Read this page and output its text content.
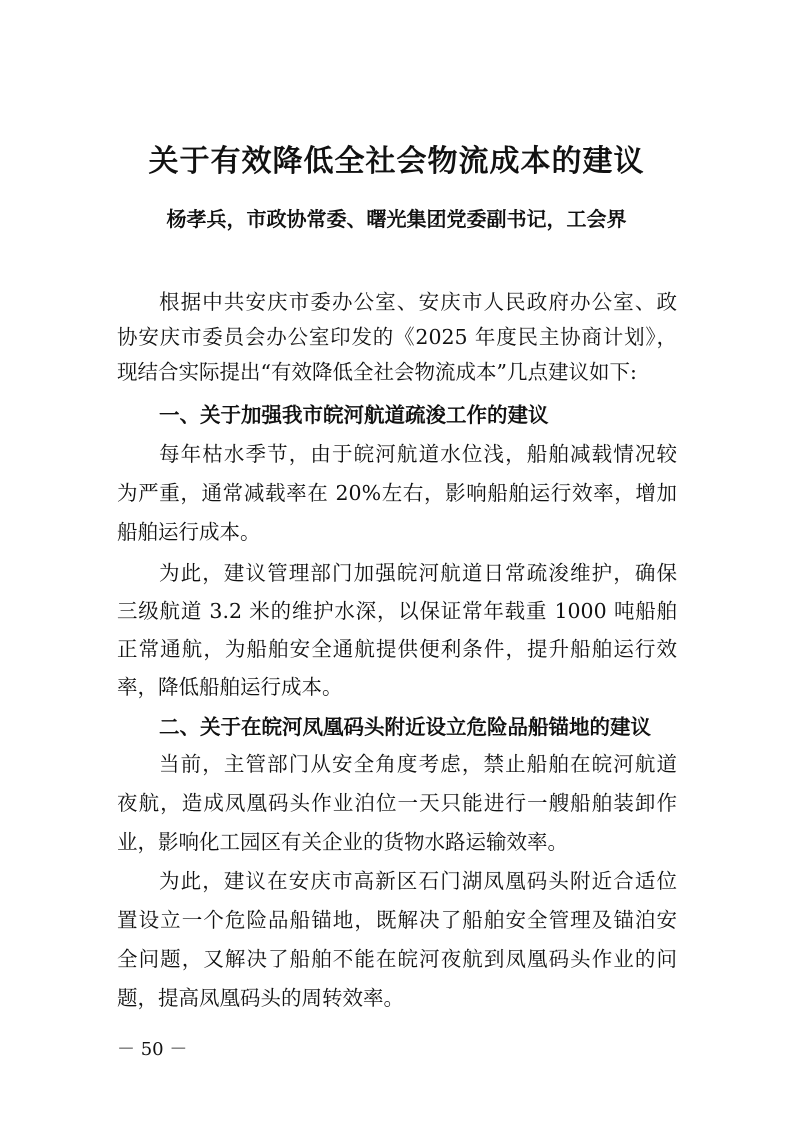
关于有效降低全社会物流成本的建议
杨孝兵，市政协常委、曙光集团党委副书记，工会界
根据中共安庆市委办公室、安庆市人民政府办公室、政
协安庆市委员会办公室印发的《2025 年度民主协商计划》，
现结合实际提出“有效降低全社会物流成本”几点建议如下:
一、关于加强我市皖河航道疏浚工作的建议
每年枯水季节，由于皖河航道水位浅，船舶减载情况较
为严重，通常减载率在 20%左右，影响船舶运行效率，增加
船舶运行成本。
为此，建议管理部门加强皖河航道日常疏浚维护，确保
三级航道 3.2 米的维护水深，以保证常年载重 1000 吨船舶
正常通航，为船舶安全通航提供便利条件，提升船舶运行效
率，降低船舶运行成本。
二、关于在皖河凤凰码头附近设立危险品船锚地的建议
当前，主管部门从安全角度考虑，禁止船舶在皖河航道
夜航，造成凤凰码头作业泊位一天只能进行一艘船舶装卸作
业，影响化工园区有关企业的货物水路运输效率。
为此，建议在安庆市高新区石门湖凤凰码头附近合适位
置设立一个危险品船锚地，既解决了船舶安全管理及锚泊安
全问题，又解决了船舶不能在皖河夜航到凤凰码头作业的问
题，提高凤凰码头的周转效率。
－ 50 －
